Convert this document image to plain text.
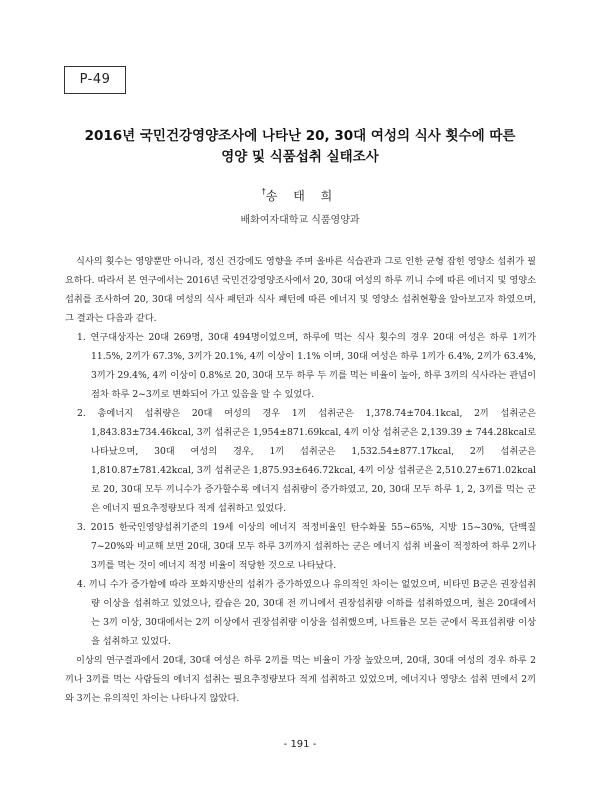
P-49
2016년 국민건강영양조사에 나타난 20, 30대 여성의 식사 횟수에 따른
영양 및 식품섭취 실태조사
†송 태 희
배화여자대학교 식품영양과

식사의 횟수는 영양뿐만 아니라, 정신 건강에도 영향을 주며 올바른 식습관과 그로 인한 균형 잡힌 영양소 섭취가 필요하다. 따라서 본 연구에서는 2016년 국민건강영양조사에서 20, 30대 여성의 하루 끼니 수에 따른 에너지 및 영양소 섭취를 조사하여 20, 30대 여성의 식사 패턴과 식사 패턴에 따른 에너지 및 영양소 섭취현황을 알아보고자 하였으며, 그 결과는 다음과 같다.

1. 연구대상자는 20대 269명, 30대 494명이었으며, 하루에 먹는 식사 횟수의 경우 20대 여성은 하루 1끼가 11.5%, 2끼가 67.3%, 3끼가 20.1%, 4끼 이상이 1.1% 이며, 30대 여성은 하루 1끼가 6.4%, 2끼가 63.4%, 3끼가 29.4%, 4끼 이상이 0.8%로 20, 30대 모두 하루 두 끼를 먹는 비율이 높아, 하루 3끼의 식사라는 관념이 점차 하루 2~3끼로 변화되어 가고 있음을 알 수 있었다.

2. 총에너지 섭취량은 20대 여성의 경우 1끼 섭취군은 1,378.74±704.1kcal, 2끼 섭취군은 1,843.83±734.46kcal, 3끼 섭취군은 1,954±871.69kcal, 4끼 이상 섭취군은 2,139.39 ± 744.28kcal로 나타났으며, 30대 여성의 경우, 1끼 섭취군은 1,532.54±877.17kcal, 2끼 섭취군은 1,810.87±781.42kcal, 3끼 섭취군은 1,875.93±646.72kcal, 4끼 이상 섭취군은 2,510.27±671.02kcal로 20, 30대 모두 끼니수가 증가할수록 에너지 섭취량이 증가하였고, 20, 30대 모두 하루 1, 2, 3끼를 먹는 군은 에너지 필요추정량보다 적게 섭취하고 있었다.

3. 2015 한국인영양섭취기준의 19세 이상의 에너지 적정비율인 탄수화물 55~65%, 지방 15~30%, 단백질 7~20%와 비교해 보면 20대, 30대 모두 하루 3끼까지 섭취하는 군은 에너지 섭취 비율이 적정하여 하루 2끼나 3끼를 먹는 것이 에너지 적정 비율이 적당한 것으로 나타났다.

4. 끼니 수가 증가함에 따라 포화지방산의 섭취가 증가하였으나 유의적인 차이는 없었으며, 비타민 B군은 권장섭취량 이상을 섭취하고 있었으나, 칼슘은 20, 30대 전 끼니에서 권장섭취량 이하를 섭취하였으며, 철은 20대에서는 3끼 이상, 30대에서는 2끼 이상에서 권장섭취량 이상을 섭취했으며, 나트륨은 모든 군에서 목표섭취량 이상을 섭취하고 있었다.

이상의 연구결과에서 20대, 30대 여성은 하루 2끼를 먹는 비율이 가장 높았으며, 20대, 30대 여성의 경우 하루 2끼나 3끼를 먹는 사람들의 에너지 섭취는 필요추정량보다 적게 섭취하고 있었으며, 에너지나 영양소 섭취 면에서 2끼와 3끼는 유의적인 차이는 나타나지 않았다.

- 191 -
